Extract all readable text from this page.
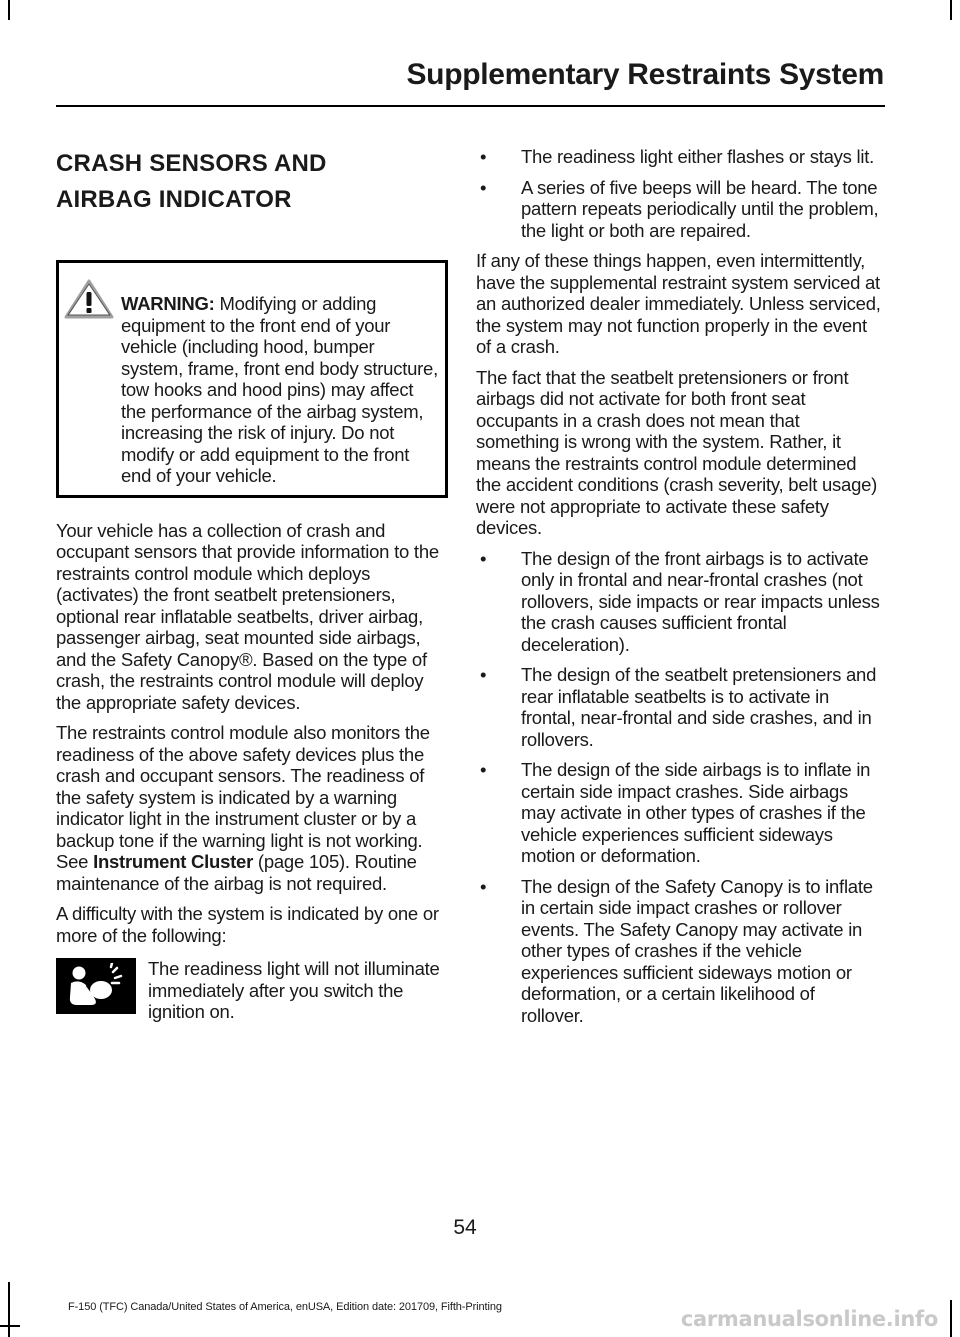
Supplementary Restraints System
CRASH SENSORS AND
AIRBAG INDICATOR
WARNING: Modifying or adding equipment to the front end of your vehicle (including hood, bumper system, frame, front end body structure, tow hooks and hood pins) may affect the performance of the airbag system, increasing the risk of injury. Do not modify or add equipment to the front end of your vehicle.

Your vehicle has a collection of crash and occupant sensors that provide information to the restraints control module which deploys (activates) the front seatbelt pretensioners, optional rear inflatable seatbelts, driver airbag, passenger airbag, seat mounted side airbags, and the Safety Canopy®. Based on the type of crash, the restraints control module will deploy the appropriate safety devices.

The restraints control module also monitors the readiness of the above safety devices plus the crash and occupant sensors. The readiness of the safety system is indicated by a warning indicator light in the instrument cluster or by a backup tone if the warning light is not working. See Instrument Cluster (page 105). Routine maintenance of the airbag is not required.

A difficulty with the system is indicated by one or more of the following:

The readiness light will not illuminate immediately after you switch the ignition on.
• The readiness light either flashes or stays lit.
• A series of five beeps will be heard. The tone pattern repeats periodically until the problem, the light or both are repaired.

If any of these things happen, even intermittently, have the supplemental restraint system serviced at an authorized dealer immediately. Unless serviced, the system may not function properly in the event of a crash.

The fact that the seatbelt pretensioners or front airbags did not activate for both front seat occupants in a crash does not mean that something is wrong with the system. Rather, it means the restraints control module determined the accident conditions (crash severity, belt usage) were not appropriate to activate these safety devices.

• The design of the front airbags is to activate only in frontal and near-frontal crashes (not rollovers, side impacts or rear impacts unless the crash causes sufficient frontal deceleration).
• The design of the seatbelt pretensioners and rear inflatable seatbelts is to activate in frontal, near-frontal and side crashes, and in rollovers.
• The design of the side airbags is to inflate in certain side impact crashes. Side airbags may activate in other types of crashes if the vehicle experiences sufficient sideways motion or deformation.
• The design of the Safety Canopy is to inflate in certain side impact crashes or rollover events. The Safety Canopy may activate in other types of crashes if the vehicle experiences sufficient sideways motion or deformation, or a certain likelihood of rollover.
54
F-150 (TFC) Canada/United States of America, enUSA, Edition date: 201709, Fifth-Printing	carmanualsonline.info
